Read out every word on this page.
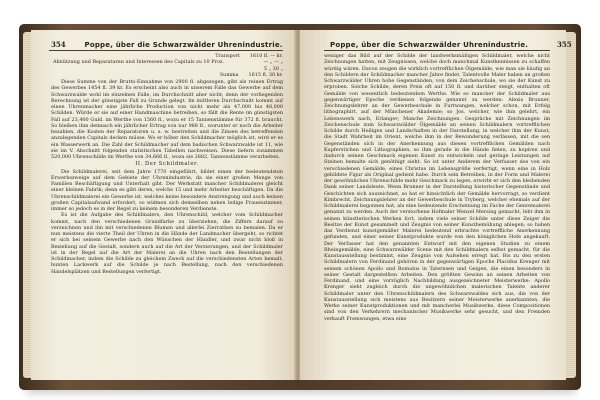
354	Poppe, über die Schwarzwälder Uhrenindustrie.
Transport 1610 fl. — kr.
Abnützung und Reparaturen und Interessen des Capitals zu 10 Proz.	— „ — „
5 „ 30 „
Summa 1615 fl. 30 kr.

Diese Summe von der Brutto-Einnahme von 2900 fl. abgezogen, gibt als reinen Ertrag des Gewerbes 1454 fl. 39 kr. Es erscheint also auch in unserem Falle das Gewerbe auf dem Schwarzwalde wohl im einzelnen Falle, im Durchschnitt aber nicht; denn der vorliegenden Berechnung ist der günstigste Fall zu Grunde gelegt. Im mittleren Durchschnitt kommt auf einen Uhrenmacher eine jährliche Production von nicht mehr als 47,000 bis 48,000 Schilden. Würde er sie auf einer Handmaschine betreiben, so fällt die Rente im günstigsten Fall auf 23,400 Guld. im Werthe von 1560 fl., wozu er 15 Tannenstämme für 372 fl. braucht. So bleiben ihm demnach ein jährlicher Ertrag von nur 988 fl., worunter er noch die Arbeiter bezahlen, die Kosten der Reparaturen u. s. w. bestreiten und die Zinsen des betreffenden anzulegenden Capitals decken müsse. Wo er höher den Schildmacher möglich ist, wird er es ein Wasserwerk an. Die Zahl der Schildmacher auf dem badischen Schwarzwalde ist 11, wie sie im V. Abschnitt folgenden statistischen Tabellen nachweisen. Diese liefern zusammen 520,000 Uhrenschilde im Werthe von 34,666 fl., wozu sie 2882, Tannenstämme verarbeiten.

II. Der Schildmaler.

Die Schildmalerei, seit dem Jahre 1770 eingeführt, bildet einen der bedeutendsten Erwerbszweige auf dem Gebiete der Uhrenindustrie, da sie einer großen Menge von Familien Beschäftigung und Unterhalt gibt. Der Werkstatt mancher Schildmalerei gleicht einer kleinen Fabrik; denn es gibt deren, welche 15 und mehr Arbeiter beschäftigen. Da die Uhrenschildmalerei ein Gewerbe ist, welches keine besondere Anstrengung und auch keinen großen Capitalaufwand erfordert, so widmen sich demselben neben ledige Frauenzimmer, immer so jedoch es in der Regel zu keinem besonderen Verdienste.

Es ist die Aufgabe des Schildmalers, den Uhrenschild, welcher vom Schildmacher kommt, nach den verschiedenen Grundfarbe zu überziehen, die Ziffern darauf zu verzeichnen und ihn mit verschiedenen Blumen und allerlei Zierrathen zu bemalen. Da er nun meistens die vierte Theil der Uhren in die Hände der Landmacher übergeht, so richtet er sich bei seinem Gewerbe nach den Wünschen der Händler, und zwar nicht bloß in Beziehung auf die Gestalt, sondern auch auf die Art der Verzierungen, und der Schildmaler ist in der Regel auf die Art der Malerei an die Uhren nach den Bestellungen der Schildmacher, indem die Schilde zu gleichem Zweck auf die verschiedensten Arten bemalt, bunten Lackwerk auf die Schilde je nach Bestellung, nach den verschiedenen Handelsplätzen und Bestellungen verfertigt.

Poppe, über die Schwarzwälder Uhrenindustrie.	355

weniger das Bild auf der Schilde der landwerksmäßigen Schildmaler, welche nicht Zeichnungen hatten, mit Zeugnissen, welche doch manchmal Kunstkennissen zu schaffen würdig wären. Davon zeugen die wirklich vortrefflichen Ölgemälde, wie man sie häufig an den Schildern der Schildmacher mancher Jahre findet. Talentvolle Maler haben an großen Schwarzwälder Uhren hohe Gegenständen, von dem Zeichenschule, wo sie der Kunst zu erproben. Solche Schilde, deren Preis oft auf 150 fl. und darüber steigt, enthalten oft Gemälde von wesentlich bedeutendem Werthe. Wie so mancher der Schildmaler aus gegenwärtiger Epoche verdienen folgende genannt zu werden: Alexis Brunner, Zeichnungslehrer an der Gewerbeschule in Furtwangen, welcher schon, mit Erfolg lithographirt, auf der Münchener Akademie; so Jos. welcher, wie ihm gelehrt, ein Lebenswerk nach, Erlanger; Manche Zeichnungen. Gespräche mit Zeichnungen im Zeichenschule zum Schwarzwälder Ölgemälde an seinen Schildmalern vortrefflichen Schilde durch Heiligen und Landschaften in der Darstellung, in welcher ihm der Kunst, die Stadt Wahrheit im Orient, welche ihm in der Bewunderung verlässen, mit die sen Gegenständen sich in der Anerkennung aus diesen vortrefflichen Gemälden nach Kupferstichen und Lithographien, so ihm gerade in die Hände fielen, zu kopiren und dadurch seinen Geschmack eigenen Kunst zu entwickeln und geringe Leistungen auf Steinen bemalte sich genöthigt sieht. So ist unter Anderem der Verfasser des von ein verschiedenen Gemälde, eines Christus im Lebensgröße verfertigt, wenn eine in Holz gebildete Figur als Original gedient habe. Durch sein Betreiben, in der Form und Malerei der gewöhnlichen Uhrenschilde mehr Geschmack zu legen, erwirbt er sich den bleibenden Dank seiner Landsleute. Wenn Brunner in der Darstellung historischer Gegenstände und Geschichten sich auszeichnet, so hat er hinsichtlich der Gemälde hervorragt, so verdient Kimbrecht, Zeichnungslehrer an der Gewerbeschule in Tryberg, welcher ehemals auf der Schildmalerei begonnen hat, als eine bedeutende Erscheinung im Fache der Genremalerei genannt zu werden. Auch der verstorbene Hofmaler Wenzel Mersing gemacht, lebt ihm in seinen künstlerischen Werken fort, indem viele seiner Schilde unter diese Zeiger die Besitze der Kunst gesammelt und Zeugnis von seiner Kunstbemühung ablegen; so haben das Verdienst kunstgemäßer Malerei bedeutend erbrachte vortreffliche Anerkennung gefunden, und einer seiner Kunstprodukte wurde von den königlichen Hofe angekauft. Der Verfasser hat den genannten Entwurf mit den eigenen Studien zu einem Rheingemälde, eine Schwarzwälder Scene mit den Schildmalern selbst gemacht, für die Kunstausstellung bestimmt, eine Zeugnis von Aufsehen erregt hat. Bis zu den ersten Schildmalern von Ferdinand gehören in der gegenwärtigen Epoche Placidus Krenger mit seinem schönen Apollo und Romulus in Taternsen und Geigen, die einen besonders in seiner Gestalt dargestellten Arbeiten. Den größten Gewinn an seinen Arbeiten von Ferdinand, und eine vorzüglich Nachbildung ausgezeichneter Meisterwerke: Apollo Krenger sieht zugleich durch die ungewöhnlichen malerischen Talente anderer Schildmaler unter den Uhrenschildmalern des Schwarzwaldes sich aus, die von der Kunstausstellung sich meistens aus Besitzern seiner Meisterwerke anerkannten, die Werke seiner Kunstproduktionen und mit mancherlei Musikwerke, diese Compositionen sind von den Verkehrern mechanischer Musikwerke sehr gesucht, und den Fremden verkauft Fremwungen, etwa eine
